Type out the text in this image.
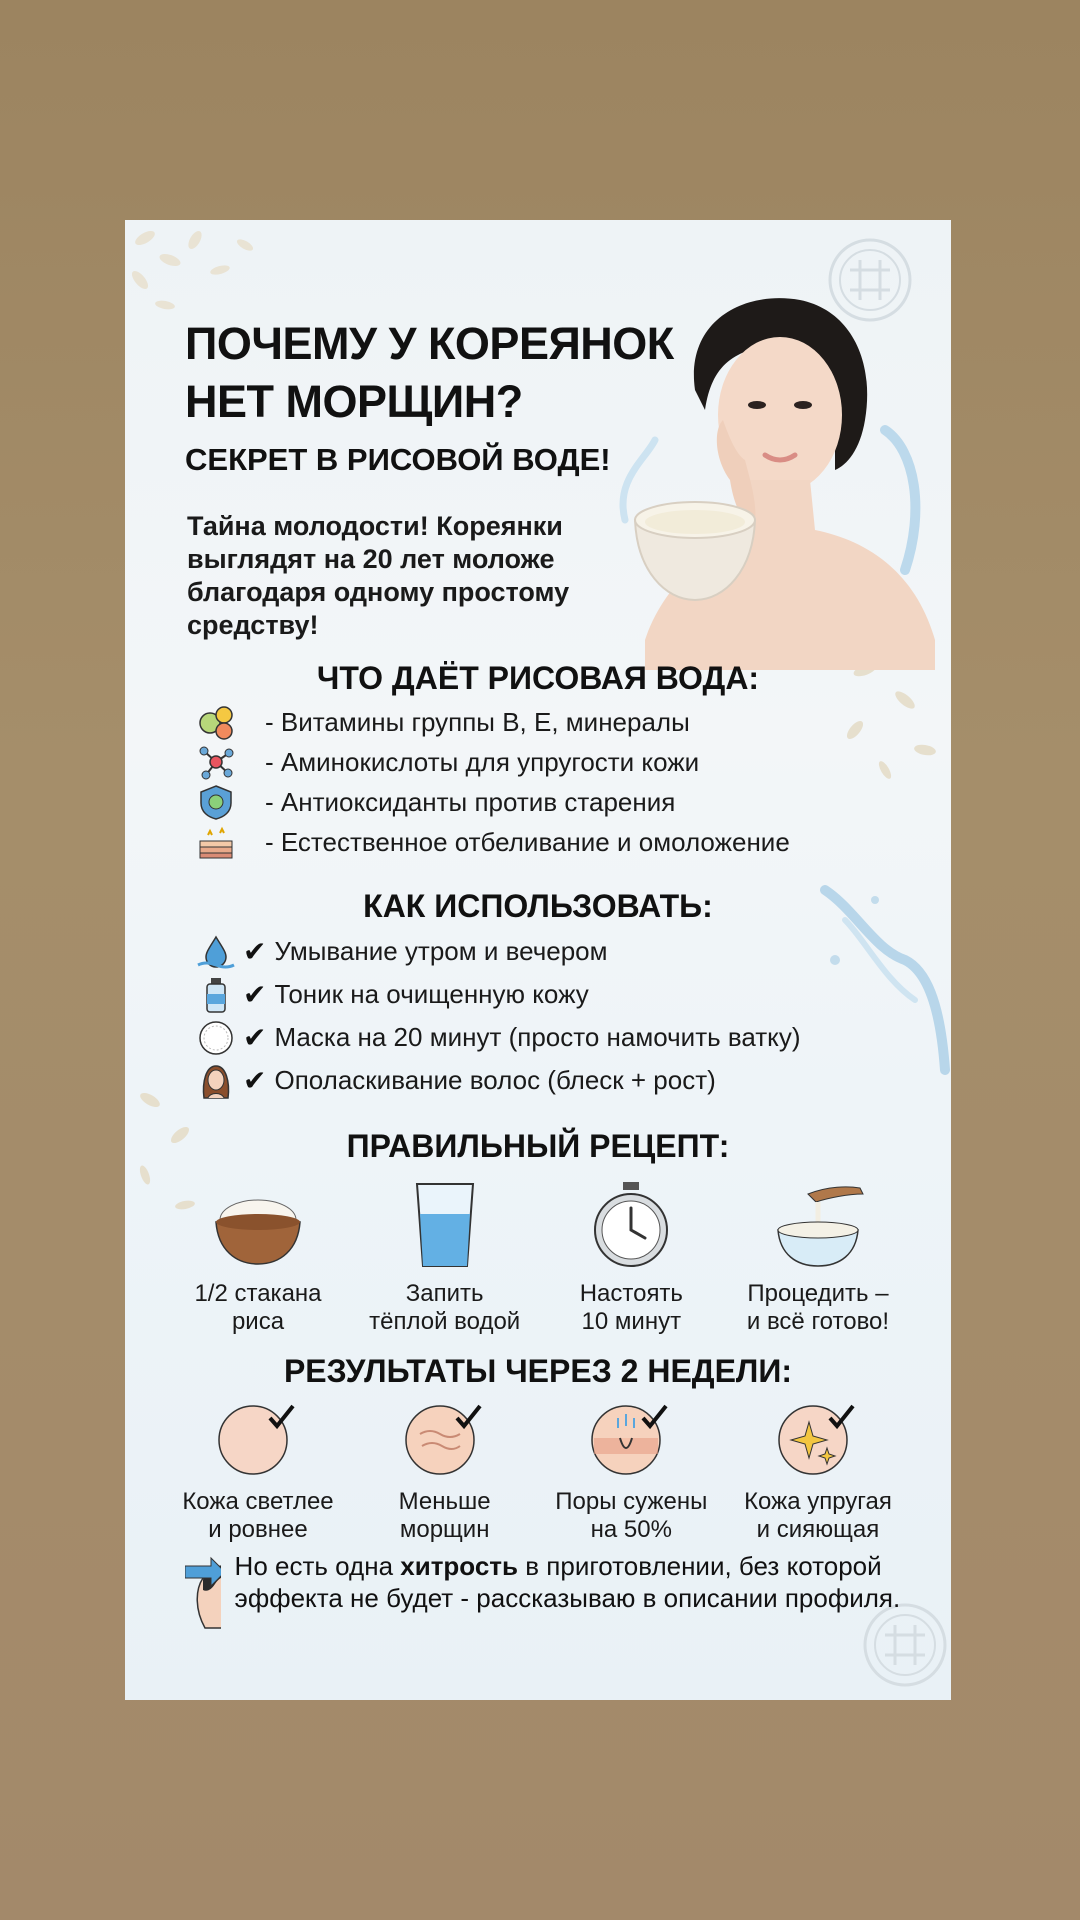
ПОЧЕМУ У КОРЕЯНОК
НЕТ МОРЩИН?
СЕКРЕТ В РИСОВОЙ ВОДЕ!
Тайна молодости! Кореянки выглядят на 20 лет моложе благодаря одному простому средству!
ЧТО ДАЁТ РИСОВАЯ ВОДА:
- Витамины группы B, E, минералы
- Аминокислоты для упругости кожи
- Антиоксиданты против старения
- Естественное отбеливание и омоложение
КАК ИСПОЛЬЗОВАТЬ:
✔ Умывание утром и вечером
✔ Тоник на очищенную кожу
✔ Маска на 20 минут (просто намочить ватку)
✔ Ополаскивание волос (блеск + рост)
ПРАВИЛЬНЫЙ РЕЦЕПТ:
1/2 стакана
риса
Запить
тёплой водой
Настоять
10 минут
Процедить –
и всё готово!
РЕЗУЛЬТАТЫ ЧЕРЕЗ 2 НЕДЕЛИ:
Кожа светлее
и ровнее
Меньше
морщин
Поры сужены
на 50%
Кожа упругая
и сияющая
Но есть одна хитрость в приготовлении, без которой эффекта не будет - рассказываю в описании профиля.
